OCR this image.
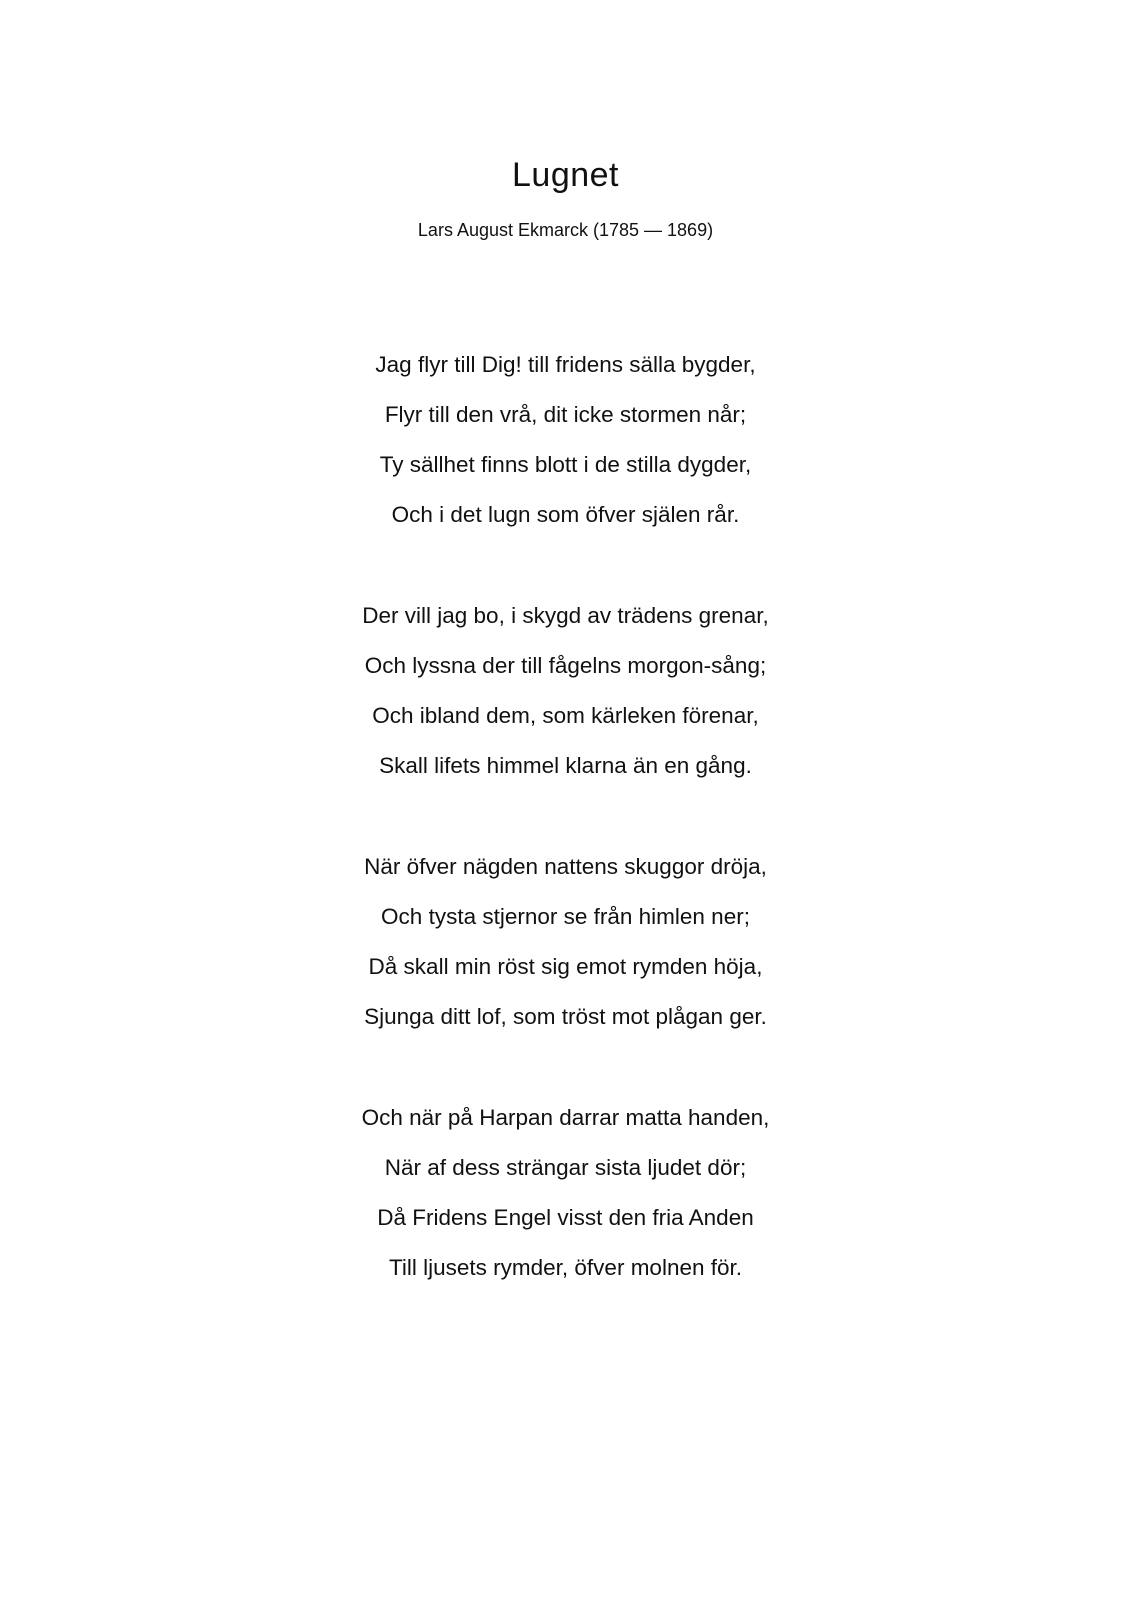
Lugnet
Lars August Ekmarck (1785 — 1869)
Jag flyr till Dig! till fridens sälla bygder,
Flyr till den vrå, dit icke stormen når;
Ty sällhet finns blott i de stilla dygder,
Och i det lugn som öfver själen rår.
Der vill jag bo, i skygd av trädens grenar,
Och lyssna der till fågelns morgon-sång;
Och ibland dem, som kärleken förenar,
Skall lifets himmel klarna än en gång.
När öfver nägden nattens skuggor dröja,
Och tysta stjernor se från himlen ner;
Då skall min röst sig emot rymden höja,
Sjunga ditt lof, som tröst mot plågan ger.
Och när på Harpan darrar matta handen,
När af dess strängar sista ljudet dör;
Då Fridens Engel visst den fria Anden
Till ljusets rymder, öfver molnen för.
